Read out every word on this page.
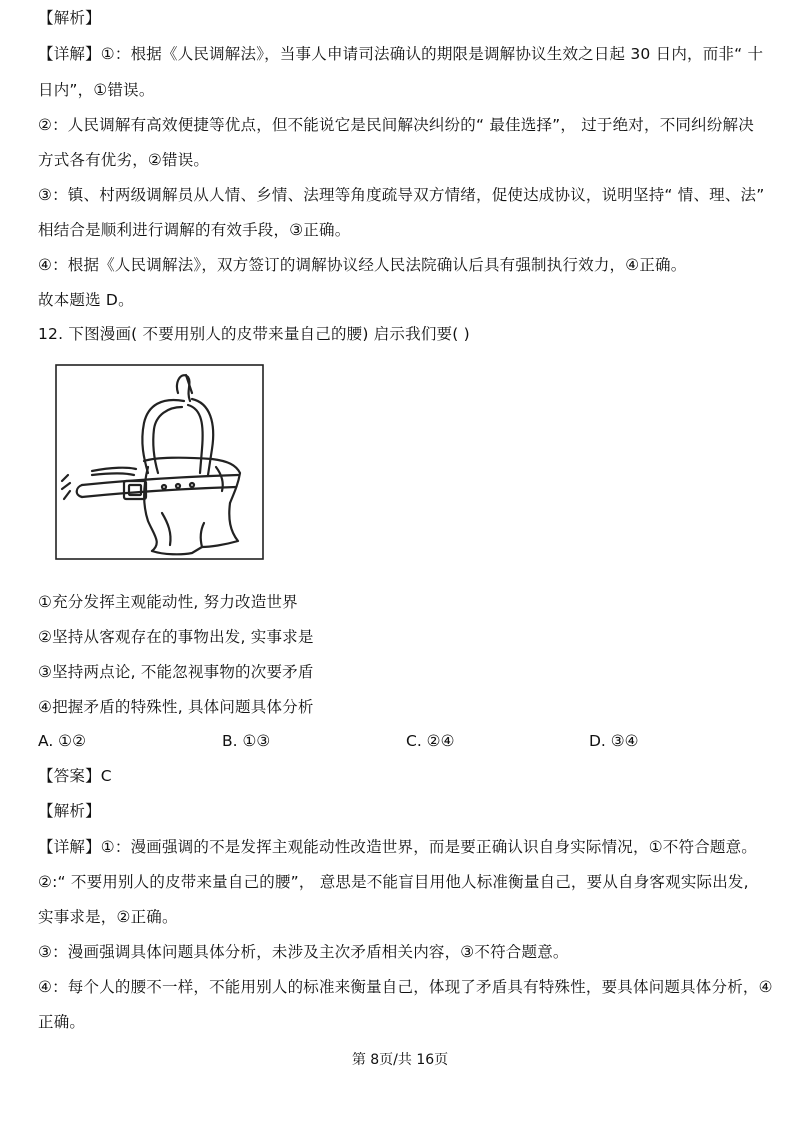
【解析】
【详解】①：根据《人民调解法》，当事人申请司法确认的期限是调解协议生效之日起 30 日内，而非“ 十
日内”，①错误。
②：人民调解有高效便捷等优点，但不能说它是民间解决纠纷的“ 最佳选择”， 过于绝对，不同纠纷解决
方式各有优劣，②错误。
③：镇、村两级调解员从人情、乡情、法理等角度疏导双方情绪，促使达成协议，说明坚持“ 情、理、法”
相结合是顺利进行调解的有效手段，③正确。
④：根据《人民调解法》，双方签订的调解协议经人民法院确认后具有强制执行效力，④正确。
故本题选 D。
12. 下图漫画( 不要用别人的皮带来量自己的腰) 启示我们要( )
①充分发挥主观能动性, 努力改造世界
②坚持从客观存在的事物出发, 实事求是
③坚持两点论, 不能忽视事物的次要矛盾
④把握矛盾的特殊性, 具体问题具体分析
A. ①②	B. ①③	C. ②④	D. ③④
【答案】C
【解析】
【详解】①：漫画强调的不是发挥主观能动性改造世界，而是要正确认识自身实际情况，①不符合题意。
②:“ 不要用别人的皮带来量自己的腰”， 意思是不能盲目用他人标准衡量自己，要从自身客观实际出发,
实事求是，②正确。
③：漫画强调具体问题具体分析，未涉及主次矛盾相关内容，③不符合题意。
④：每个人的腰不一样，不能用别人的标准来衡量自己，体现了矛盾具有特殊性，要具体问题具体分析，④
正确。
第 8页/共 16页
